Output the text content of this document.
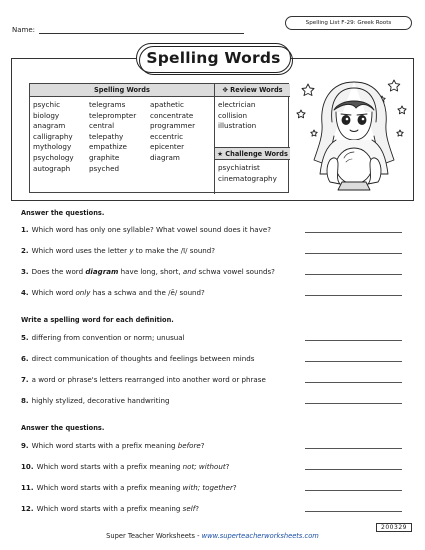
Name:
Spelling List F-29: Greek Roots
Spelling Words
Spelling Words	✥ Review Words
★ Challenge Words
psychic
biology
anagram
calligraphy
mythology
psychology
autograph
telegrams
teleprompter
central
telepathy
empathize
graphite
psyched
apathetic
concentrate
programmer
eccentric
epicenter
diagram
electrician
collision
illustration
psychiatrist
cinematography
Answer the questions.
1. Which word has only one syllable? What vowel sound does it have?
2. Which word uses the letter y to make the /ī/ sound?
3. Does the word diagram have long, short, and schwa vowel sounds?
4. Which word only has a schwa and the /ē/ sound?
Write a spelling word for each definition.
5. differing from convention or norm; unusual
6. direct communication of thoughts and feelings between minds
7. a word or phrase's letters rearranged into another word or phrase
8. highly stylized, decorative handwriting
Answer the questions.
9. Which word starts with a prefix meaning before ?
10. Which word starts with a prefix meaning not; without ?
11. Which word starts with a prefix meaning with; together ?
12. Which word starts with a prefix meaning self ?
200329
Super Teacher Worksheets - www.superteacherworksheets.com
